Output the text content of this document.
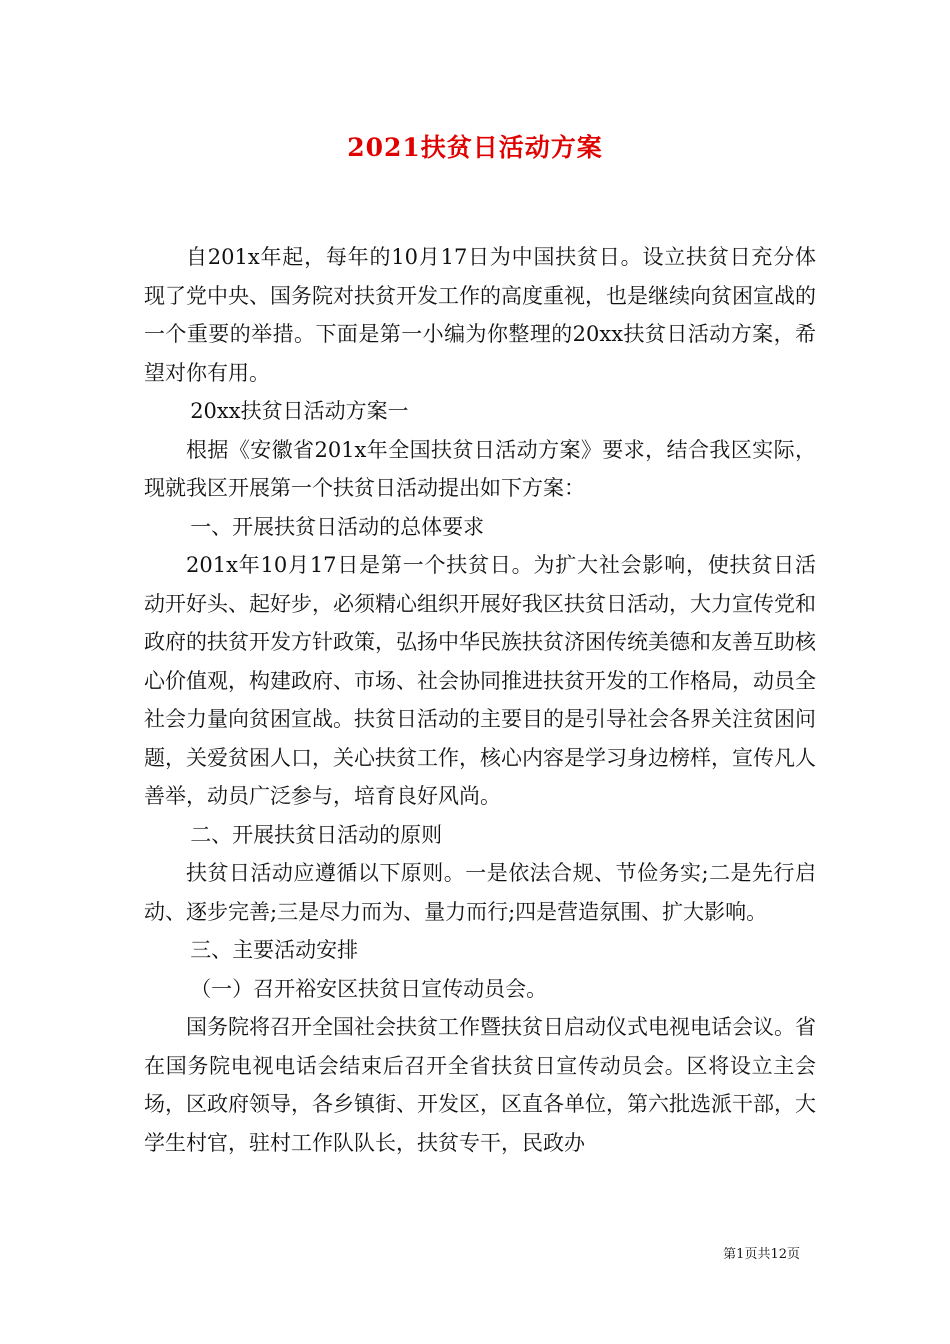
2021扶贫日活动方案

自201x年起，每年的10月17日为中国扶贫日。设立扶贫日充分体现了党中央、国务院对扶贫开发工作的高度重视，也是继续向贫困宣战的一个重要的举措。下面是第一小编为你整理的20xx扶贫日活动方案，希望对你有用。

20xx扶贫日活动方案一

根据《安徽省201x年全国扶贫日活动方案》要求，结合我区实际，现就我区开展第一个扶贫日活动提出如下方案：

一、开展扶贫日活动的总体要求

201x年10月17日是第一个扶贫日。为扩大社会影响，使扶贫日活动开好头、起好步，必须精心组织开展好我区扶贫日活动，大力宣传党和政府的扶贫开发方针政策，弘扬中华民族扶贫济困传统美德和友善互助核心价值观，构建政府、市场、社会协同推进扶贫开发的工作格局，动员全社会力量向贫困宣战。扶贫日活动的主要目的是引导社会各界关注贫困问题，关爱贫困人口，关心扶贫工作，核心内容是学习身边榜样，宣传凡人善举，动员广泛参与，培育良好风尚。

二、开展扶贫日活动的原则

扶贫日活动应遵循以下原则。一是依法合规、节俭务实;二是先行启动、逐步完善;三是尽力而为、量力而行;四是营造氛围、扩大影响。

三、主要活动安排

（一）召开裕安区扶贫日宣传动员会。

国务院将召开全国社会扶贫工作暨扶贫日启动仪式电视电话会议。省在国务院电视电话会结束后召开全省扶贫日宣传动员会。区将设立主会场，区政府领导，各乡镇街、开发区，区直各单位，第六批选派干部，大学生村官，驻村工作队队长，扶贫专干，民政办

第1页共12页
